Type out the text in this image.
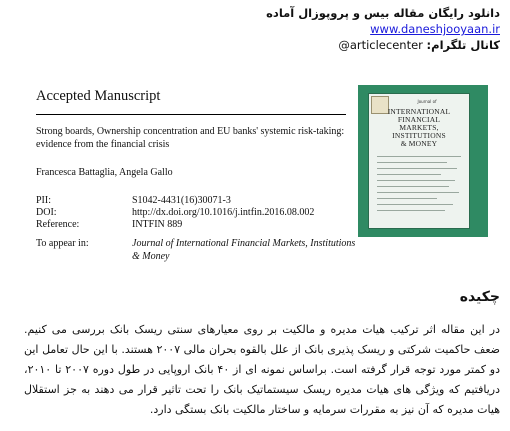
دانلود رایگان مقاله بیس و پروپوزال آماده
www.daneshjooyaan.ir
کانال تلگرام: @articlecenter
Accepted Manuscript
Strong boards, Ownership concentration and EU banks' systemic risk-taking: evidence from the financial crisis
Francesca Battaglia, Angela Gallo
PII:	S1042-4431(16)30071-3
DOI:	http://dx.doi.org/10.1016/j.intfin.2016.08.002
Reference:	INTFIN 889
To appear in:	Journal of International Financial Markets, Institutions & Money
Journal of
INTERNATIONAL
FINANCIAL
MARKETS,
INSTITUTIONS
& MONEY
چکیده
در این مقاله اثر ترکیب هیات مدیره و مالکیت بر روی معیارهای سنتی ریسک بانک بررسی می کنیم. ضعف حاکمیت شرکتی و ریسک پذیری بانک از علل بالقوه بحران مالی ۲۰۰۷ هستند. با این حال تعامل این دو کمتر مورد توجه قرار گرفته است. براساس نمونه ای از ۴۰ بانک اروپایی در طول دوره ۲۰۰۷ تا ۲۰۱۰، دریافتیم که ویژگی های هیات مدیره ریسک سیستماتیک بانک را تحت تاثیر قرار می دهند به جز استقلال هیات مدیره که آن نیز به مقررات سرمایه و ساختار مالکیت بانک بستگی دارد.
